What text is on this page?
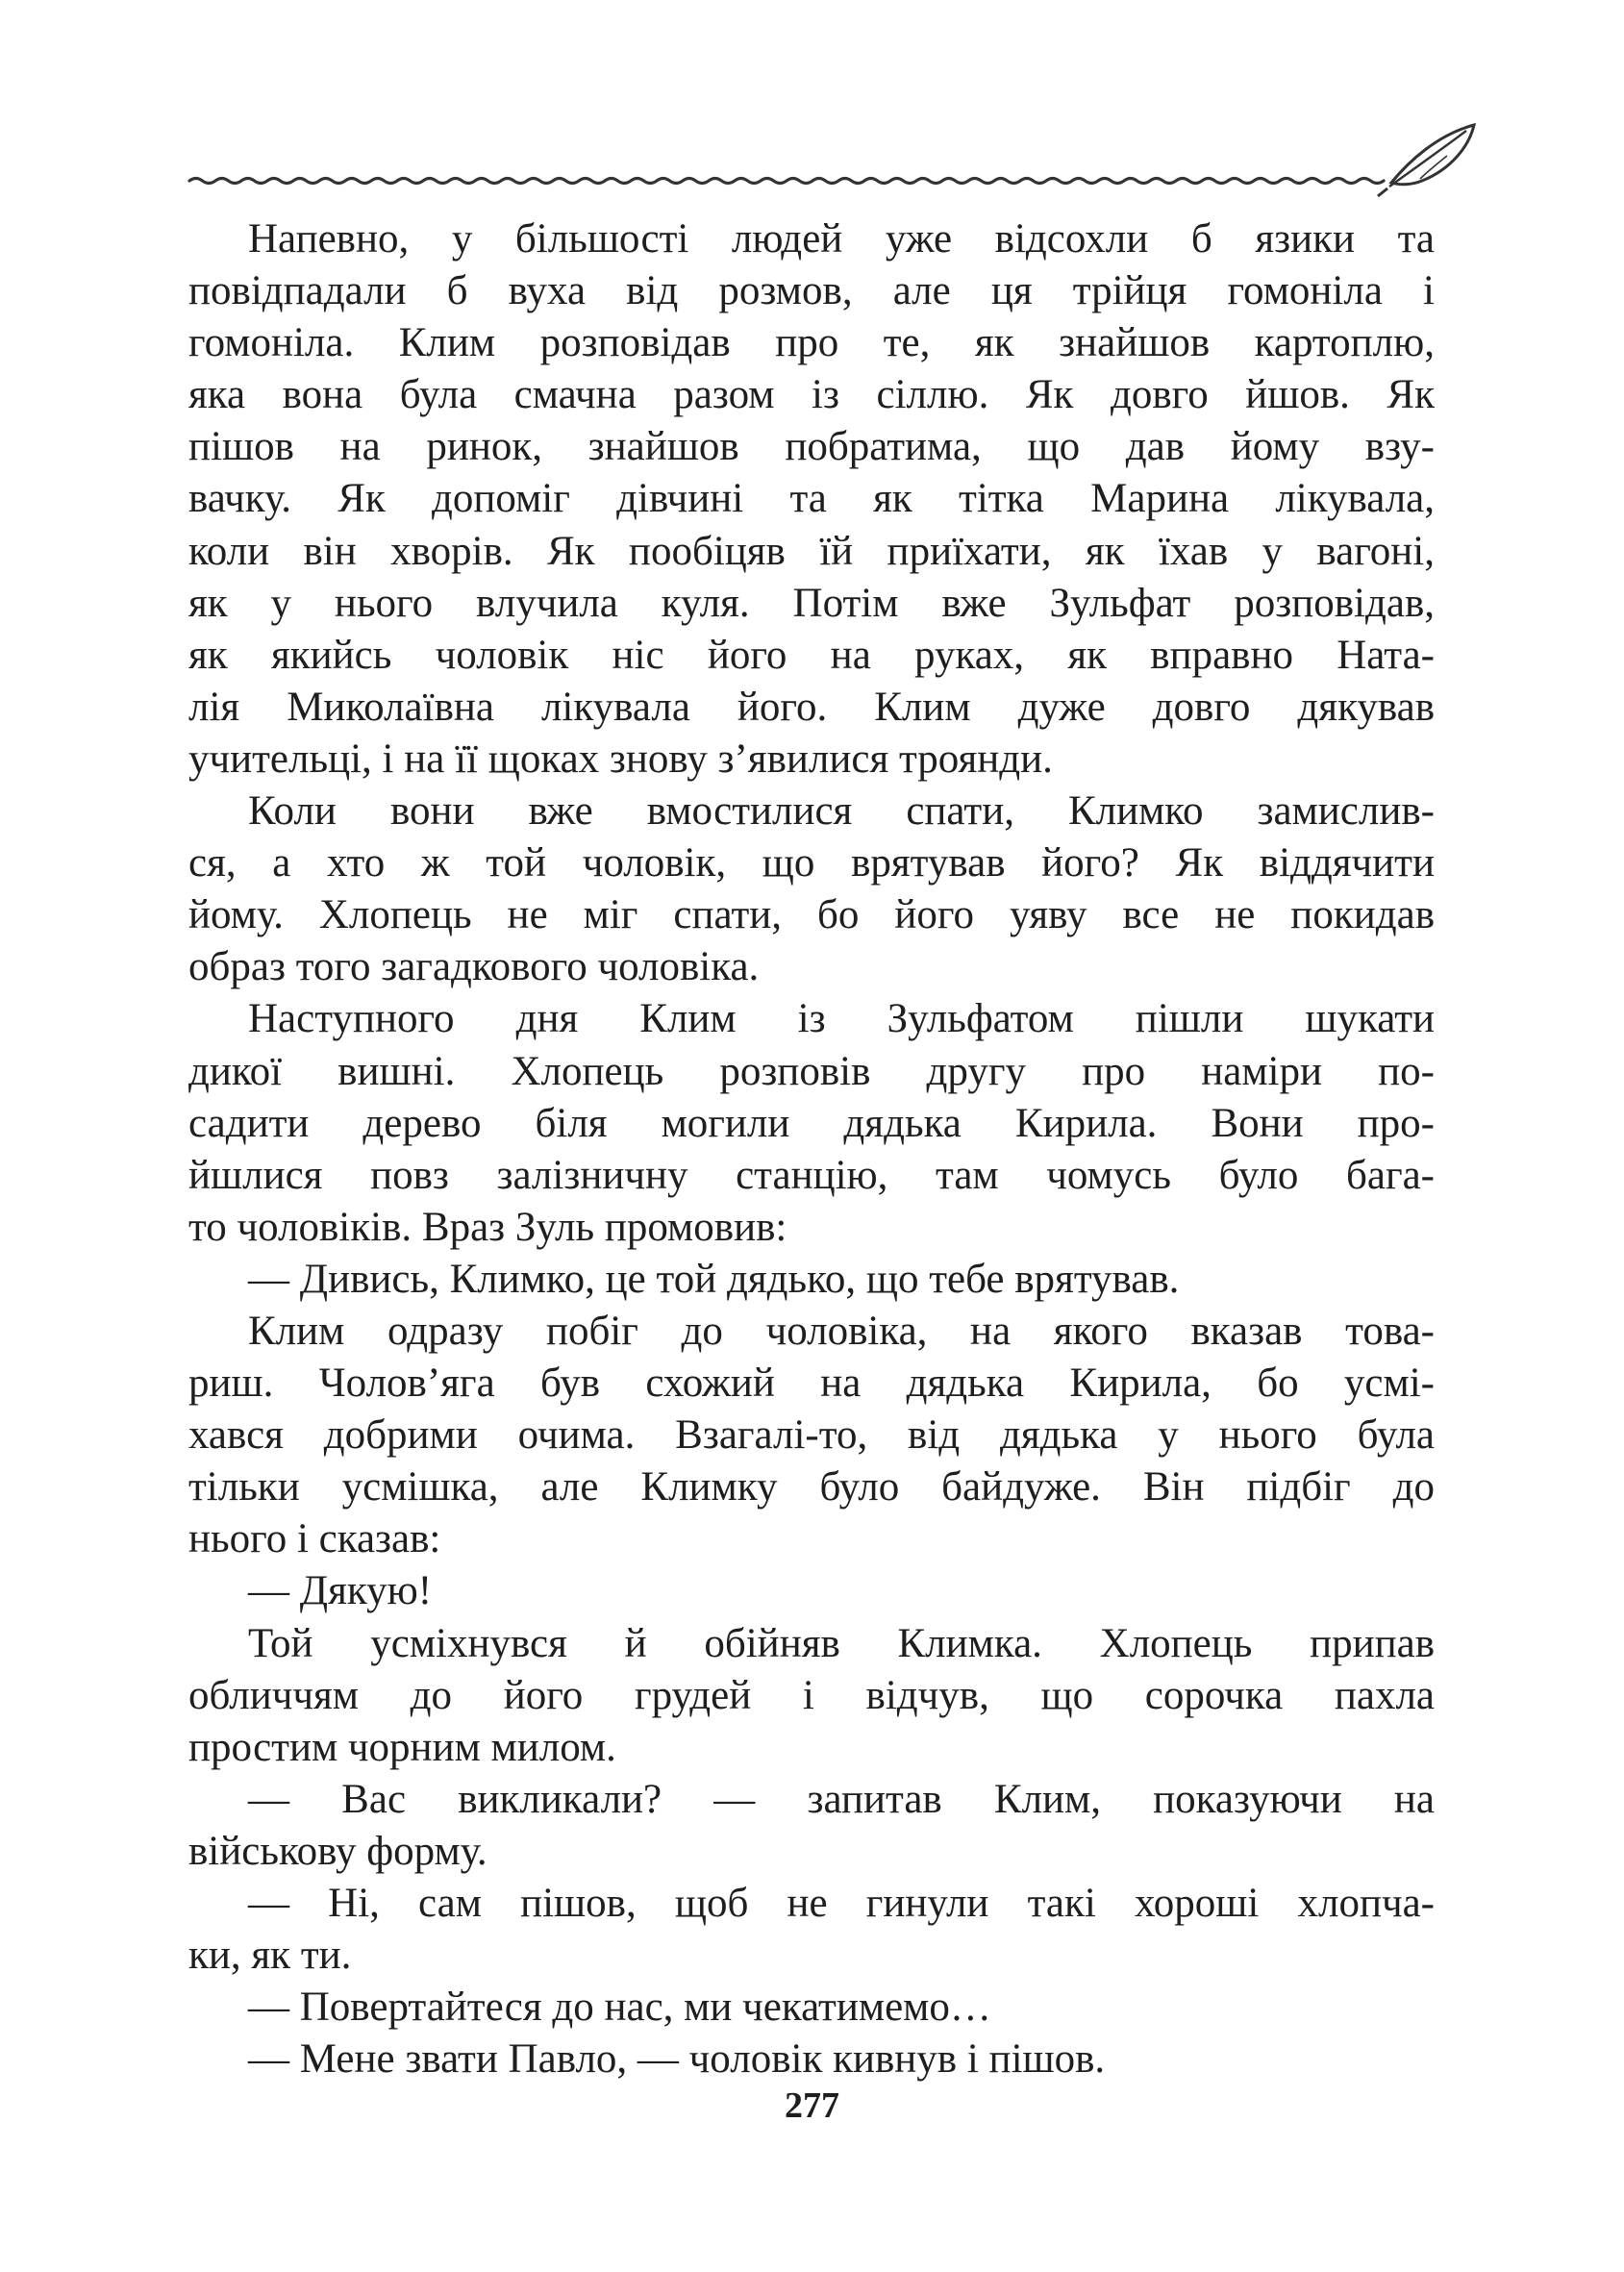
Напевно, у більшості людей уже відсохли б язики та
повідпадали б вуха від розмов, але ця трійця гомоніла і
гомоніла. Клим розповідав про те, як знайшов картоплю,
яка вона була смачна разом із сіллю. Як довго йшов. Як
пішов на ринок, знайшов побратима, що дав йому взу-
вачку. Як допоміг дівчині та як тітка Марина лікувала,
коли він хворів. Як пообіцяв їй приїхати, як їхав у вагоні,
як у нього влучила куля. Потім вже Зульфат розповідав,
як якийсь чоловік ніс його на руках, як вправно Ната-
лія Миколаївна лікувала його. Клим дуже довго дякував
учительці, і на її щоках знову з’явилися троянди.
Коли вони вже вмостилися спати, Климко замислив-
ся, а хто ж той чоловік, що врятував його? Як віддячити
йому. Хлопець не міг спати, бо його уяву все не покидав
образ того загадкового чоловіка.
Наступного дня Клим із Зульфатом пішли шукати
дикої вишні. Хлопець розповів другу про наміри по-
садити дерево біля могили дядька Кирила. Вони про-
йшлися повз залізничну станцію, там чомусь було бага-
то чоловіків. Враз Зуль промовив:
— Дивись, Климко, це той дядько, що тебе врятував.
Клим одразу побіг до чоловіка, на якого вказав това-
риш. Чолов’яга був схожий на дядька Кирила, бо усмі-
хався добрими очима. Взагалі-то, від дядька у нього була
тільки усмішка, але Климку було байдуже. Він підбіг до
нього і сказав:
— Дякую!
Той усміхнувся й обійняв Климка. Хлопець припав
обличчям до його грудей і відчув, що сорочка пахла
простим чорним милом.
— Вас викликали? — запитав Клим, показуючи на
військову форму.
— Ні, сам пішов, щоб не гинули такі хороші хлопча-
ки, як ти.
— Повертайтеся до нас, ми чекатимемо…
— Мене звати Павло, — чоловік кивнув і пішов.
277
